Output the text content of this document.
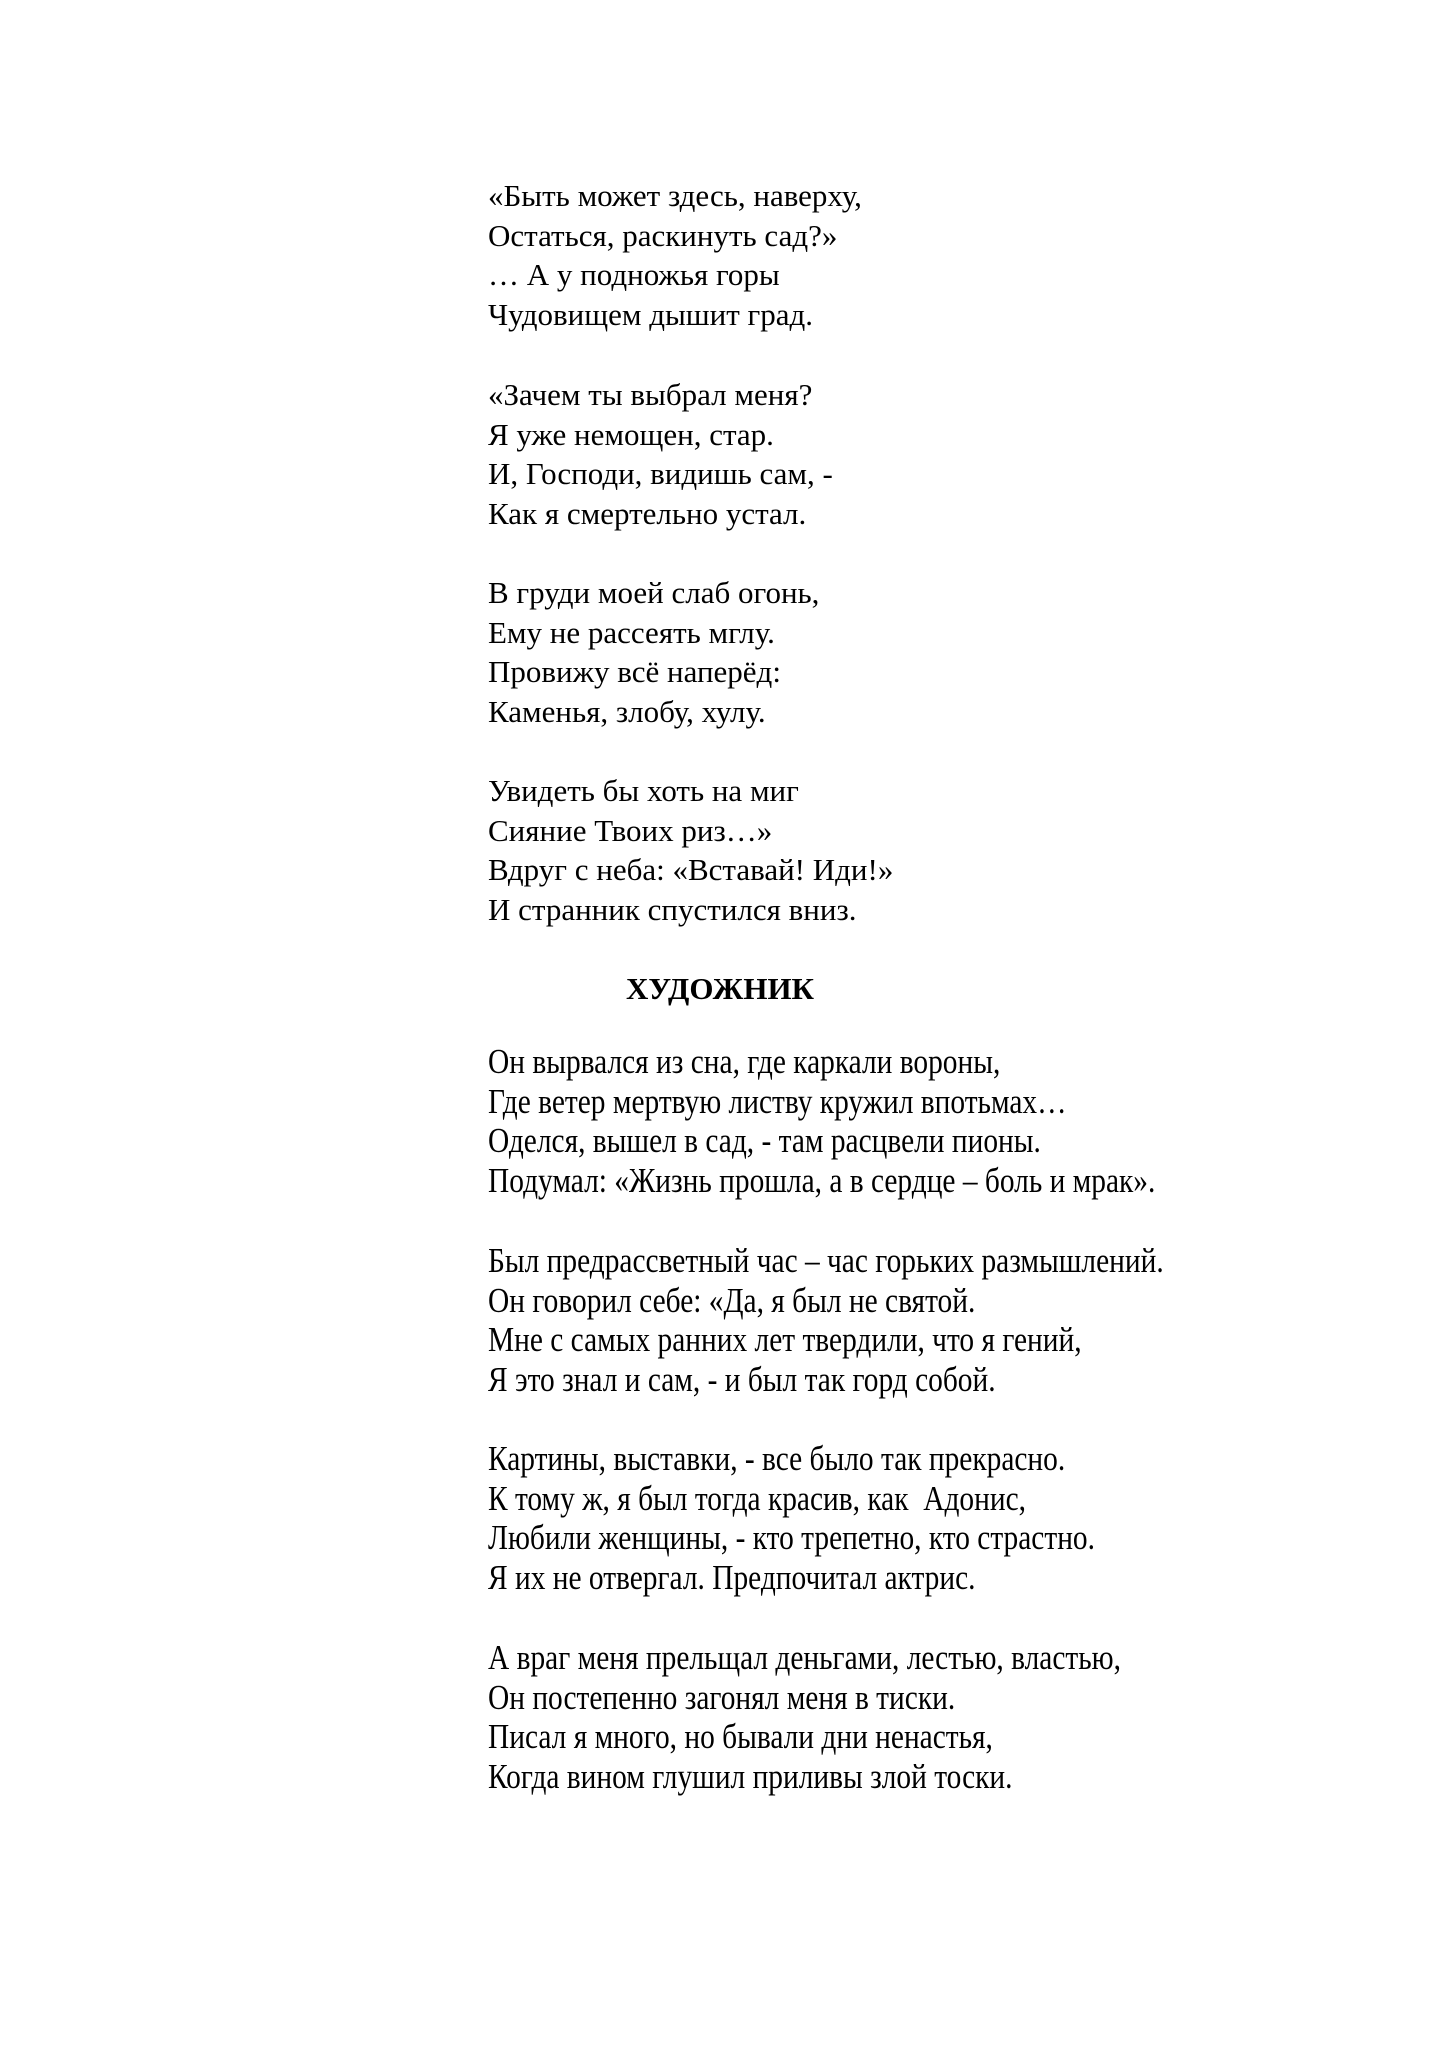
«Быть может здесь, наверху,
Остаться, раскинуть сад?»
… А у подножья горы
Чудовищем дышит град.
«Зачем ты выбрал меня?
Я уже немощен, стар.
И, Господи, видишь сам, -
Как я смертельно устал.
В груди моей слаб огонь,
Ему не рассеять мглу.
Провижу всё наперёд:
Каменья, злобу, хулу.
Увидеть бы хоть на миг
Сияние Твоих риз…»
Вдруг с неба: «Вставай! Иди!»
И странник спустился вниз.
ХУДОЖНИК
Он вырвался из сна, где каркали вороны,
Где ветер мертвую листву кружил впотьмах…
Оделся, вышел в сад, - там расцвели пионы.
Подумал: «Жизнь прошла, а в сердце – боль и мрак».
Был предрассветный час – час горьких размышлений.
Он говорил себе: «Да, я был не святой.
Мне с самых ранних лет твердили, что я гений,
Я это знал и сам, - и был так горд собой.
Картины, выставки, - все было так прекрасно.
К тому ж, я был тогда красив, как  Адонис,
Любили женщины, - кто трепетно, кто страстно.
Я их не отвергал. Предпочитал актрис.
А враг меня прельщал деньгами, лестью, властью,
Он постепенно загонял меня в тиски.
Писал я много, но бывали дни ненастья,
Когда вином глушил приливы злой тоски.
